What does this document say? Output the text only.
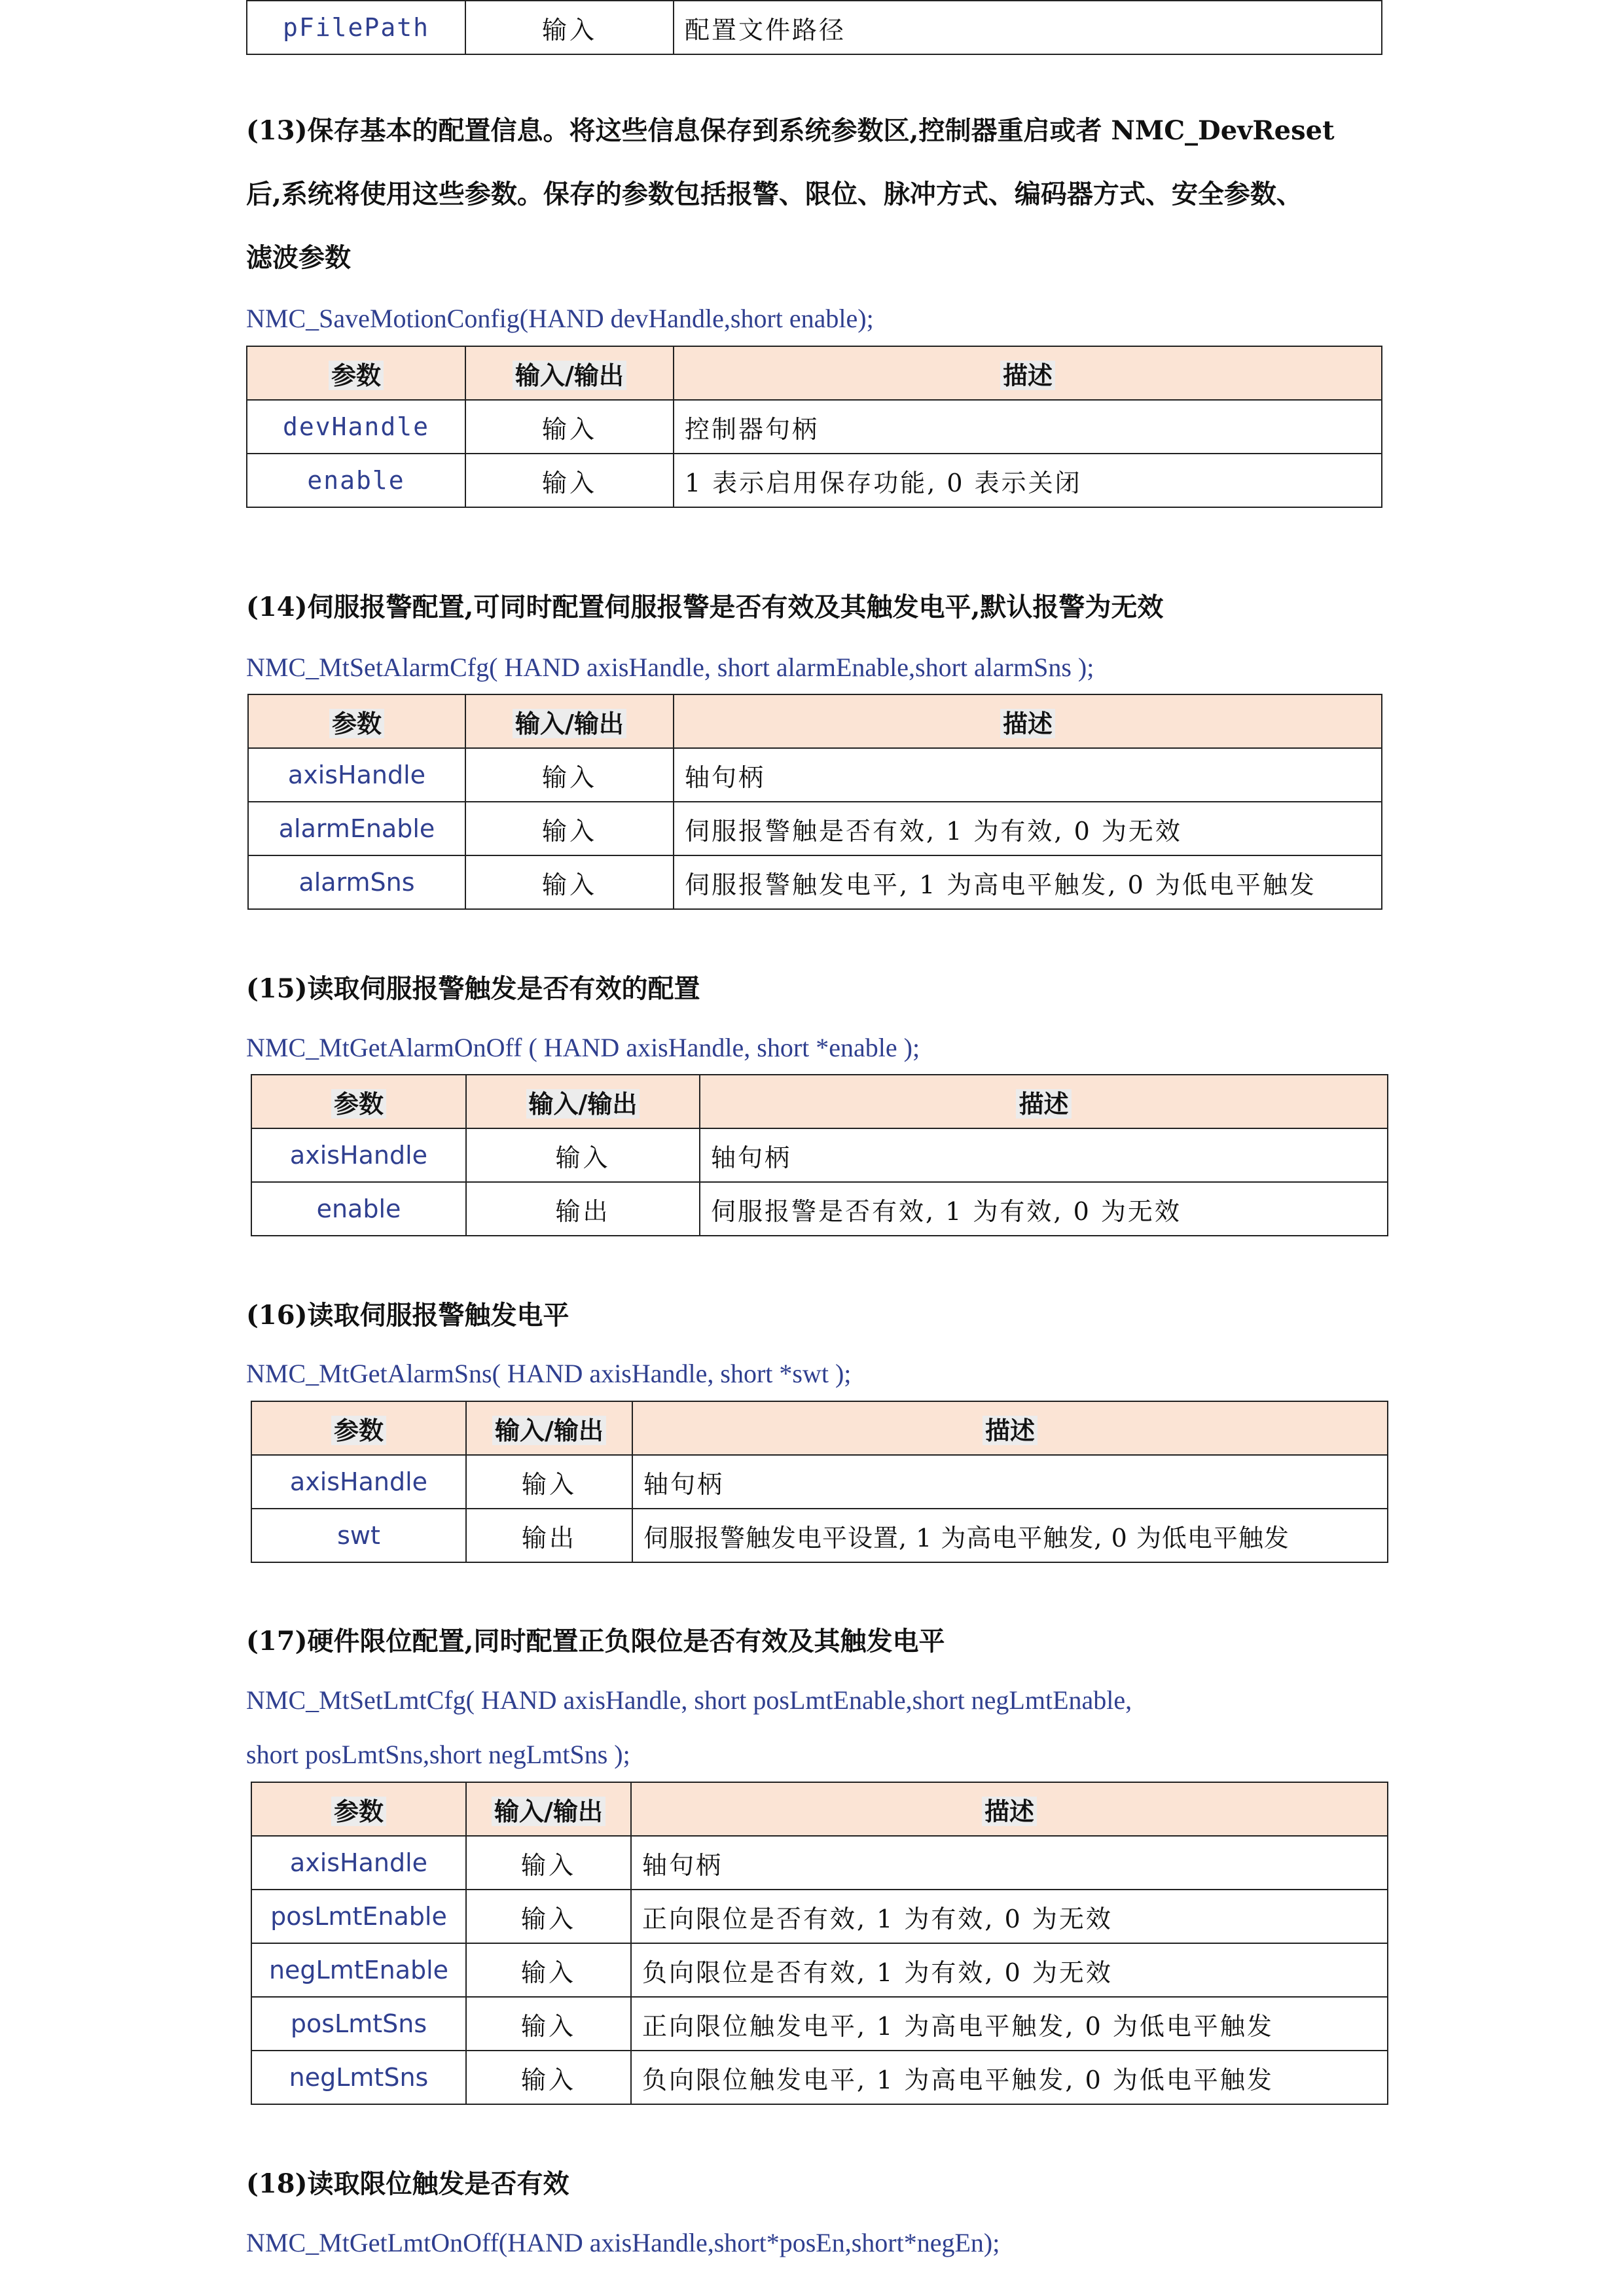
pFilePath	输入	配置文件路径
(13)保存基本的配置信息。将这些信息保存到系统参数区,控制器重启或者 NMC_DevReset
后,系统将使用这些参数。保存的参数包括报警、限位、脉冲方式、编码器方式、安全参数、
滤波参数
NMC_SaveMotionConfig(HAND devHandle,short enable);
参数	输入/输出	描述
devHandle	输入	控制器句柄
enable	输入	1 表示启用保存功能, 0 表示关闭
(14)伺服报警配置,可同时配置伺服报警是否有效及其触发电平,默认报警为无效
NMC_MtSetAlarmCfg( HAND axisHandle, short alarmEnable,short alarmSns );
参数	输入/输出	描述
axisHandle	输入	轴句柄
alarmEnable	输入	伺服报警触是否有效, 1 为有效, 0 为无效
alarmSns	输入	伺服报警触发电平, 1 为高电平触发, 0 为低电平触发
(15)读取伺服报警触发是否有效的配置
NMC_MtGetAlarmOnOff ( HAND axisHandle, short *enable );
参数	输入/输出	描述
axisHandle	输入	轴句柄
enable	输出	伺服报警是否有效, 1 为有效, 0 为无效
(16)读取伺服报警触发电平
NMC_MtGetAlarmSns( HAND axisHandle, short *swt );
参数	输入/输出	描述
axisHandle	输入	轴句柄
swt	输出	伺服报警触发电平设置, 1 为高电平触发, 0 为低电平触发
(17)硬件限位配置,同时配置正负限位是否有效及其触发电平
NMC_MtSetLmtCfg( HAND axisHandle, short posLmtEnable,short negLmtEnable,
short posLmtSns,short negLmtSns );
参数	输入/输出	描述
axisHandle	输入	轴句柄
posLmtEnable	输入	正向限位是否有效, 1 为有效, 0 为无效
negLmtEnable	输入	负向限位是否有效, 1 为有效, 0 为无效
posLmtSns	输入	正向限位触发电平, 1 为高电平触发, 0 为低电平触发
negLmtSns	输入	负向限位触发电平, 1 为高电平触发, 0 为低电平触发
(18)读取限位触发是否有效
NMC_MtGetLmtOnOff(HAND axisHandle,short*posEn,short*negEn);
